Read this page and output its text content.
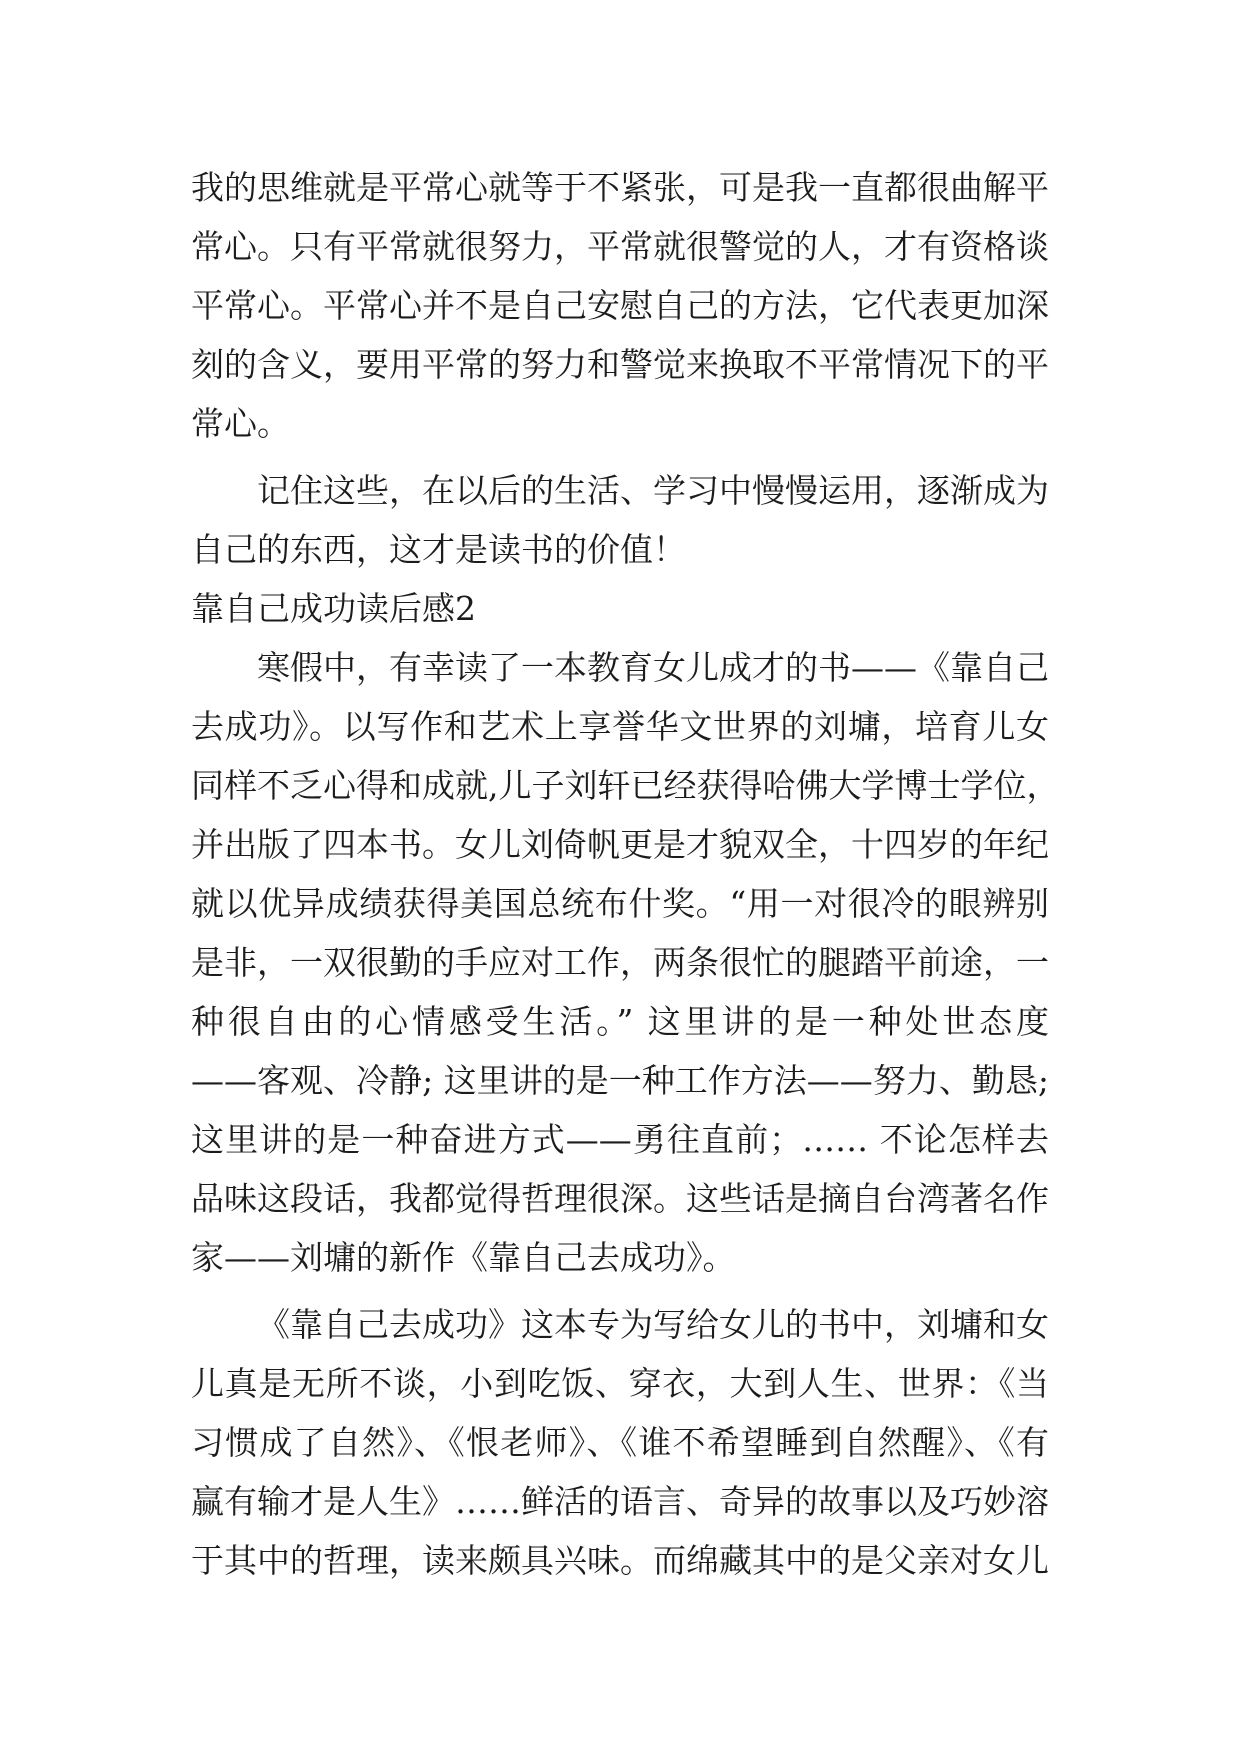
我的思维就是平常心就等于不紧张，可是我一直都很曲解平
常心。只有平常就很努力，平常就很警觉的人，才有资格谈
平常心。平常心并不是自己安慰自己的方法，它代表更加深
刻的含义，要用平常的努力和警觉来换取不平常情况下的平
常心。
记住这些，在以后的生活、学习中慢慢运用，逐渐成为
自己的东西，这才是读书的价值！
靠自己成功读后感2
寒假中，有幸读了一本教育女儿成才的书——《靠自己
去成功》。以写作和艺术上享誉华文世界的刘墉，培育儿女
同样不乏心得和成就,儿子刘轩已经获得哈佛大学博士学位，
并出版了四本书。女儿刘倚帆更是才貌双全，十四岁的年纪
就以优异成绩获得美国总统布什奖。“用一对很冷的眼辨别
是非，一双很勤的手应对工作，两条很忙的腿踏平前途，一
种很自由的心情感受生活。” 这里讲的是一种处世态度
——客观、冷静; 这里讲的是一种工作方法——努力、勤恳;
这里讲的是一种奋进方式——勇往直前；…… 不论怎样去
品味这段话，我都觉得哲理很深。这些话是摘自台湾著名作
家——刘墉的新作《靠自己去成功》。
《靠自己去成功》这本专为写给女儿的书中，刘墉和女
儿真是无所不谈，小到吃饭、穿衣，大到人生、世界：《当
习惯成了自然》、《恨老师》、《谁不希望睡到自然醒》、《有
赢有输才是人生》……鲜活的语言、奇异的故事以及巧妙溶
于其中的哲理，读来颇具兴味。而绵藏其中的是父亲对女儿
